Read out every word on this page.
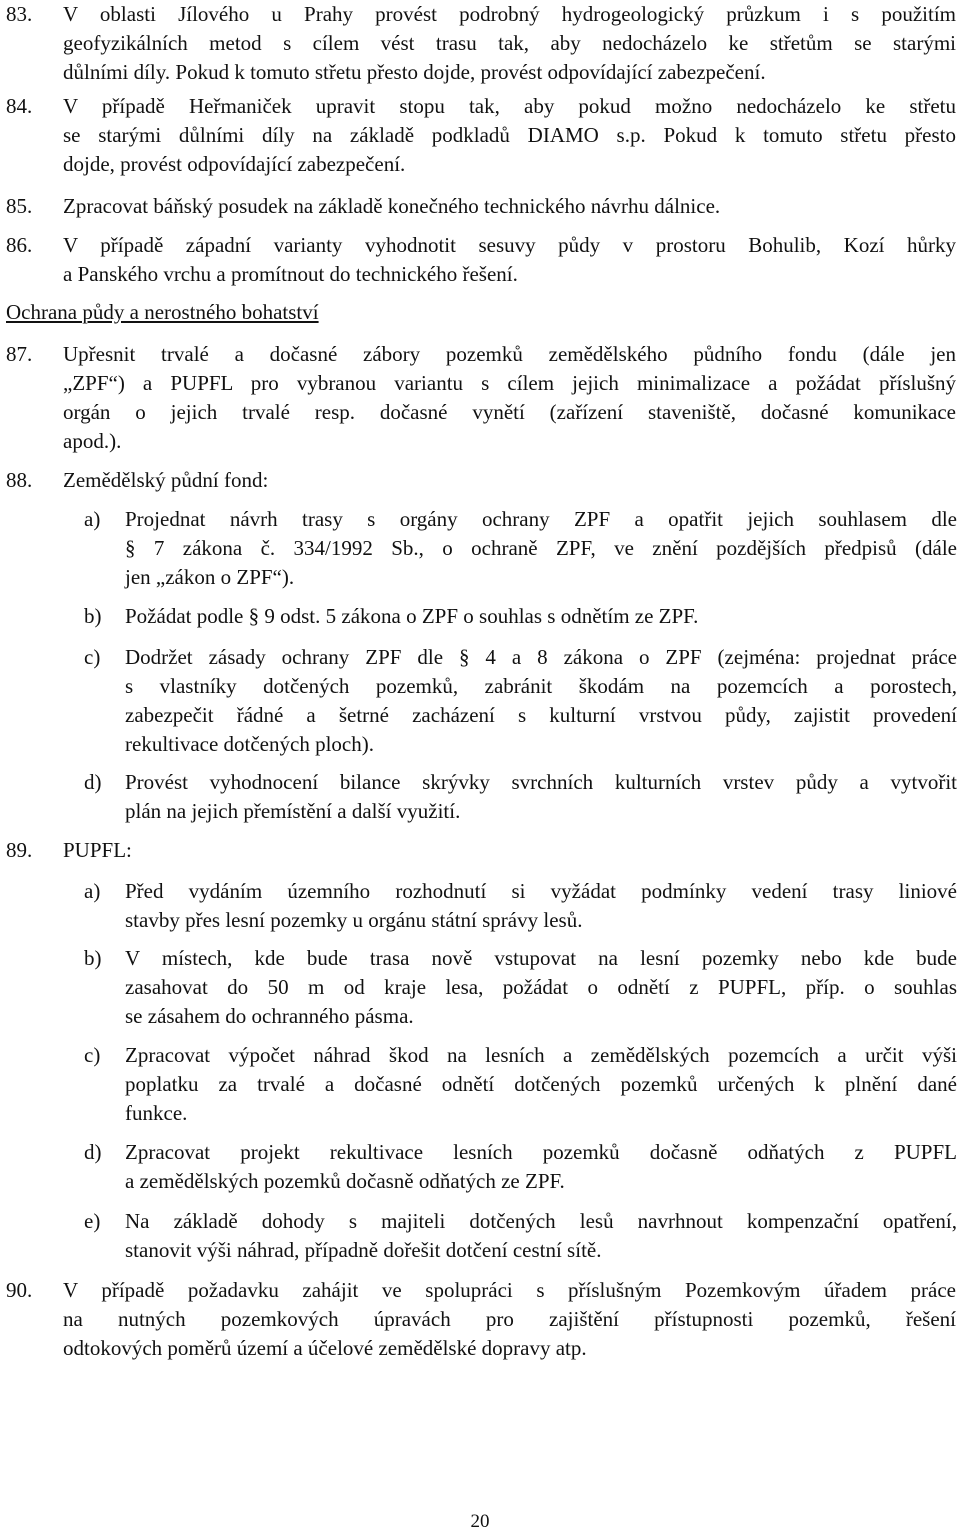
83. V oblasti Jílového u Prahy provést podrobný hydrogeologický průzkum i s použitím
geofyzikálních metod s cílem vést trasu tak, aby nedocházelo ke střetům se starými
důlními díly. Pokud k tomuto střetu přesto dojde, provést odpovídající zabezpečení.
84. V případě Heřmaniček upravit stopu tak, aby pokud možno nedocházelo ke střetu
se starými důlními díly na základě podkladů DIAMO s.p. Pokud k tomuto střetu přesto
dojde, provést odpovídající zabezpečení.
85. Zpracovat báňský posudek na základě konečného technického návrhu dálnice.
86. V případě západní varianty vyhodnotit sesuvy půdy v prostoru Bohulib, Kozí hůrky
a Panského vrchu a promítnout do technického řešení.
Ochrana půdy a nerostného bohatství
87. Upřesnit trvalé a dočasné zábory pozemků zemědělského půdního fondu (dále jen
„ZPF“) a PUPFL pro vybranou variantu s cílem jejich minimalizace a požádat příslušný
orgán o jejich trvalé resp. dočasné vynětí (zařízení staveniště, dočasné komunikace
apod.).
88. Zemědělský půdní fond:
a) Projednat návrh trasy s orgány ochrany ZPF a opatřit jejich souhlasem dle
§ 7 zákona č. 334/1992 Sb., o ochraně ZPF, ve znění pozdějších předpisů (dále
jen „zákon o ZPF“).
b) Požádat podle § 9 odst. 5 zákona o ZPF o souhlas s odnětím ze ZPF.
c) Dodržet zásady ochrany ZPF dle § 4 a 8 zákona o ZPF (zejména: projednat práce
s vlastníky dotčených pozemků, zabránit škodám na pozemcích a porostech,
zabezpečit řádné a šetrné zacházení s kulturní vrstvou půdy, zajistit provedení
rekultivace dotčených ploch).
d) Provést vyhodnocení bilance skrývky svrchních kulturních vrstev půdy a vytvořit
plán na jejich přemístění a další využití.
89. PUPFL:
a) Před vydáním územního rozhodnutí si vyžádat podmínky vedení trasy liniové
stavby přes lesní pozemky u orgánu státní správy lesů.
b) V místech, kde bude trasa nově vstupovat na lesní pozemky nebo kde bude
zasahovat do 50 m od kraje lesa, požádat o odnětí z PUPFL, příp. o souhlas
se zásahem do ochranného pásma.
c) Zpracovat výpočet náhrad škod na lesních a zemědělských pozemcích a určit výši
poplatku za trvalé a dočasné odnětí dotčených pozemků určených k plnění dané
funkce.
d) Zpracovat projekt rekultivace lesních pozemků dočasně odňatých z PUPFL
a zemědělských pozemků dočasně odňatých ze ZPF.
e) Na základě dohody s majiteli dotčených lesů navrhnout kompenzační opatření,
stanovit výši náhrad, případně dořešit dotčení cestní sítě.
90. V případě požadavku zahájit ve spolupráci s příslušným Pozemkovým úřadem práce
na nutných pozemkových úpravách pro zajištění přístupnosti pozemků, řešení
odtokových poměrů území a účelové zemědělské dopravy atp.
20
